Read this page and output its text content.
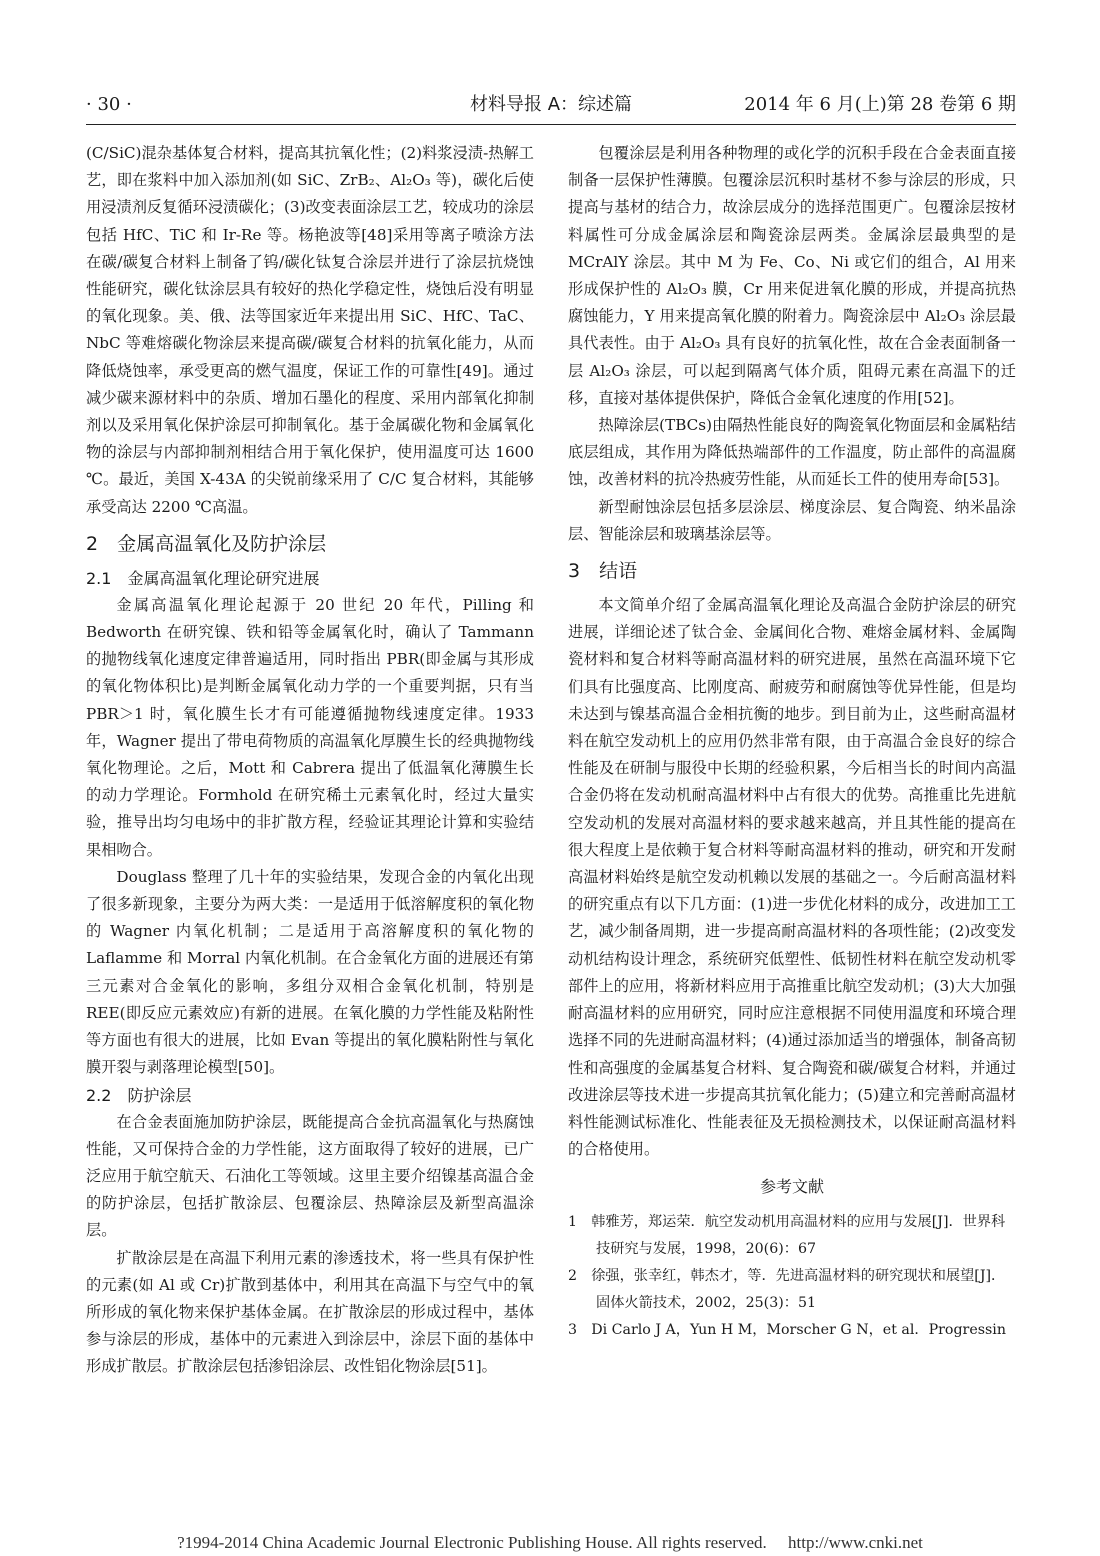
材料导报 A：综述篇
· 30 ·	2014 年 6 月(上)第 28 卷第 6 期

(C/SiC)混杂基体复合材料，提高其抗氧化性；(2)料浆浸渍-热解工艺，即在浆料中加入添加剂(如 SiC、ZrB₂、Al₂O₃ 等)，碳化后使用浸渍剂反复循环浸渍碳化；(3)改变表面涂层工艺，较成功的涂层包括 HfC、TiC 和 Ir-Re 等。杨艳波等[48]采用等离子喷涂方法在碳/碳复合材料上制备了钨/碳化钛复合涂层并进行了涂层抗烧蚀性能研究，碳化钛涂层具有较好的热化学稳定性，烧蚀后没有明显的氧化现象。美、俄、法等国家近年来提出用 SiC、HfC、TaC、NbC 等难熔碳化物涂层来提高碳/碳复合材料的抗氧化能力，从而降低烧蚀率，承受更高的燃气温度，保证工作的可靠性[49]。通过减少碳来源材料中的杂质、增加石墨化的程度、采用内部氧化抑制剂以及采用氧化保护涂层可抑制氧化。基于金属碳化物和金属氧化物的涂层与内部抑制剂相结合用于氧化保护，使用温度可达 1600 ℃。最近，美国 X-43A 的尖锐前缘采用了 C/C 复合材料，其能够承受高达 2200 ℃高温。

2　金属高温氧化及防护涂层
2.1　金属高温氧化理论研究进展

金属高温氧化理论起源于 20 世纪 20 年代，Pilling 和 Bedworth 在研究镍、铁和铅等金属氧化时，确认了 Tammann 的抛物线氧化速度定律普遍适用，同时指出 PBR(即金属与其形成的氧化物体积比)是判断金属氧化动力学的一个重要判据，只有当 PBR＞1 时，氧化膜生长才有可能遵循抛物线速度定律。1933 年，Wagner 提出了带电荷物质的高温氧化厚膜生长的经典抛物线氧化物理论。之后，Mott 和 Cabrera 提出了低温氧化薄膜生长的动力学理论。Formhold 在研究稀土元素氧化时，经过大量实验，推导出均匀电场中的非扩散方程，经验证其理论计算和实验结果相吻合。

Douglass 整理了几十年的实验结果，发现合金的内氧化出现了很多新现象，主要分为两大类：一是适用于低溶解度积的氧化物的 Wagner 内氧化机制；二是适用于高溶解度积的氧化物的 Laflamme 和 Morral 内氧化机制。在合金氧化方面的进展还有第三元素对合金氧化的影响，多组分双相合金氧化机制，特别是 REE(即反应元素效应)有新的进展。在氧化膜的力学性能及粘附性等方面也有很大的进展，比如 Evan 等提出的氧化膜粘附性与氧化膜开裂与剥落理论模型[50]。

2.2　防护涂层

在合金表面施加防护涂层，既能提高合金抗高温氧化与热腐蚀性能，又可保持合金的力学性能，这方面取得了较好的进展，已广泛应用于航空航天、石油化工等领域。这里主要介绍镍基高温合金的防护涂层，包括扩散涂层、包覆涂层、热障涂层及新型高温涂层。

扩散涂层是在高温下利用元素的渗透技术，将一些具有保护性的元素(如 Al 或 Cr)扩散到基体中，利用其在高温下与空气中的氧所形成的氧化物来保护基体金属。在扩散涂层的形成过程中，基体参与涂层的形成，基体中的元素进入到涂层中，涂层下面的基体中形成扩散层。扩散涂层包括渗铝涂层、改性铝化物涂层[51]。

包覆涂层是利用各种物理的或化学的沉积手段在合金表面直接制备一层保护性薄膜。包覆涂层沉积时基材不参与涂层的形成，只提高与基材的结合力，故涂层成分的选择范围更广。包覆涂层按材料属性可分成金属涂层和陶瓷涂层两类。金属涂层最典型的是 MCrAlY 涂层。其中 M 为 Fe、Co、Ni 或它们的组合，Al 用来形成保护性的 Al₂O₃ 膜，Cr 用来促进氧化膜的形成，并提高抗热腐蚀能力，Y 用来提高氧化膜的附着力。陶瓷涂层中 Al₂O₃ 涂层最具代表性。由于 Al₂O₃ 具有良好的抗氧化性，故在合金表面制备一层 Al₂O₃ 涂层，可以起到隔离气体介质，阻碍元素在高温下的迁移，直接对基体提供保护，降低合金氧化速度的作用[52]。

热障涂层(TBCs)由隔热性能良好的陶瓷氧化物面层和金属粘结底层组成，其作用为降低热端部件的工作温度，防止部件的高温腐蚀，改善材料的抗冷热疲劳性能，从而延长工件的使用寿命[53]。

新型耐蚀涂层包括多层涂层、梯度涂层、复合陶瓷、纳米晶涂层、智能涂层和玻璃基涂层等。

3　结语

本文简单介绍了金属高温氧化理论及高温合金防护涂层的研究进展，详细论述了钛合金、金属间化合物、难熔金属材料、金属陶瓷材料和复合材料等耐高温材料的研究进展，虽然在高温环境下它们具有比强度高、比刚度高、耐疲劳和耐腐蚀等优异性能，但是均未达到与镍基高温合金相抗衡的地步。到目前为止，这些耐高温材料在航空发动机上的应用仍然非常有限，由于高温合金良好的综合性能及在研制与服役中长期的经验积累，今后相当长的时间内高温合金仍将在发动机耐高温材料中占有很大的优势。高推重比先进航空发动机的发展对高温材料的要求越来越高，并且其性能的提高在很大程度上是依赖于复合材料等耐高温材料的推动，研究和开发耐高温材料始终是航空发动机赖以发展的基础之一。今后耐高温材料的研究重点有以下几方面：(1)进一步优化材料的成分，改进加工工艺，减少制备周期，进一步提高耐高温材料的各项性能；(2)改变发动机结构设计理念，系统研究低塑性、低韧性材料在航空发动机零部件上的应用，将新材料应用于高推重比航空发动机；(3)大大加强耐高温材料的应用研究，同时应注意根据不同使用温度和环境合理选择不同的先进耐高温材料；(4)通过添加适当的增强体，制备高韧性和高强度的金属基复合材料、复合陶瓷和碳/碳复合材料，并通过改进涂层等技术进一步提高其抗氧化能力；(5)建立和完善耐高温材料性能测试标准化、性能表征及无损检测技术，以保证耐高温材料的合格使用。

参考文献

1　韩雅芳，郑运荣．航空发动机用高温材料的应用与发展[J]．世界科技研究与发展，1998，20(6)：67

2　徐强，张幸红，韩杰才，等．先进高温材料的研究现状和展望[J]．固体火箭技术，2002，25(3)：51

3　Di Carlo J A，Yun H M，Morscher G N，et al．Progressin

?1994-2014 China Academic Journal Electronic Publishing House. All rights reserved.　 http://www.cnki.net
